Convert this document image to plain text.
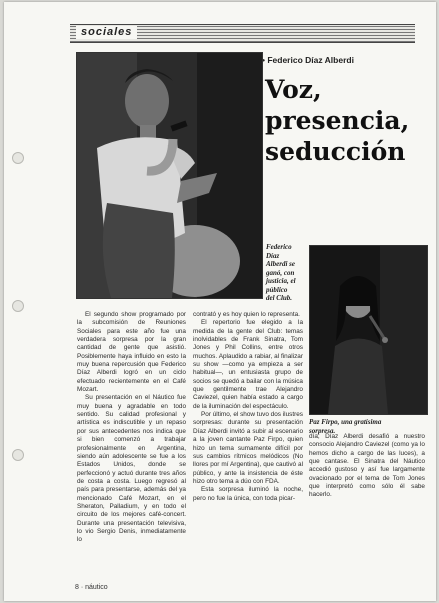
sociales
• Federico Díaz Alberdi
Voz,
presencia,
seducción
Federico
Díaz
Alberdi se
ganó, con
justicia, el
público
del Club.
Paz Firpo, una gratísima
sorpresa.

El segundo show programado por la subcomisión de Reuniones Sociales para este año fue una verdadera sorpresa por la gran cantidad de gente que asistió. Posiblemente haya influido en esto la muy buena repercusión que Federico Díaz Alberdi logró en un ciclo efectuado recientemente en el Café Mozart.

Su presentación en el Náutico fue muy buena y agradable en todo sentido. Su calidad profesional y artística es indiscutible y un repaso por sus antecedentes nos indica que si bien comenzó a trabajar profesionalmente en Argentina, siendo aún adolescente se fue a los Estados Unidos, donde se perfeccionó y actuó durante tres años de costa a costa. Luego regresó al país para presentarse, además del ya mencionado Café Mozart, en el Sheraton, Palladium, y en todo el circuito de los mejores café-concert. Durante una presentación televisiva, lo vio Sergio Denis, inmediatamente lo

contrató y es hoy quien lo representa.

El repertorio fue elegido a la medida de la gente del Club: temas inolvidables de Frank Sinatra, Tom Jones y Phil Collins, entre otros muchos. Aplaudido a rabiar, al finalizar su show —como ya empieza a ser habitual—, un entusiasta grupo de socios se quedó a bailar con la música que gentilmente trae Alejandro Caviezel, quien había estado a cargo de la iluminación del espectáculo.

Por último, el show tuvo dos ilustres sorpresas: durante su presentación Díaz Alberdi invitó a subir al escenario a la joven cantante Paz Firpo, quien hizo un tema sumamente difícil por sus cambios rítmicos melódicos (No llores por mí Argentina), que cautivó al público, y ante la insistencia de éste hizo otro tema a dúo con FDA.

Esta sorpresa iluminó la noche, pero no fue la única, con toda picar-

día, Díaz Alberdi desafió a nuestro consocio Alejandro Caviezel (como ya lo hemos dicho a cargo de las luces), a que cantase. El Sinatra del Náutico accedió gustoso y así fue largamente ovacionado por el tema de Tom Jones que interpretó como sólo él sabe hacerlo.

8 · náutico
